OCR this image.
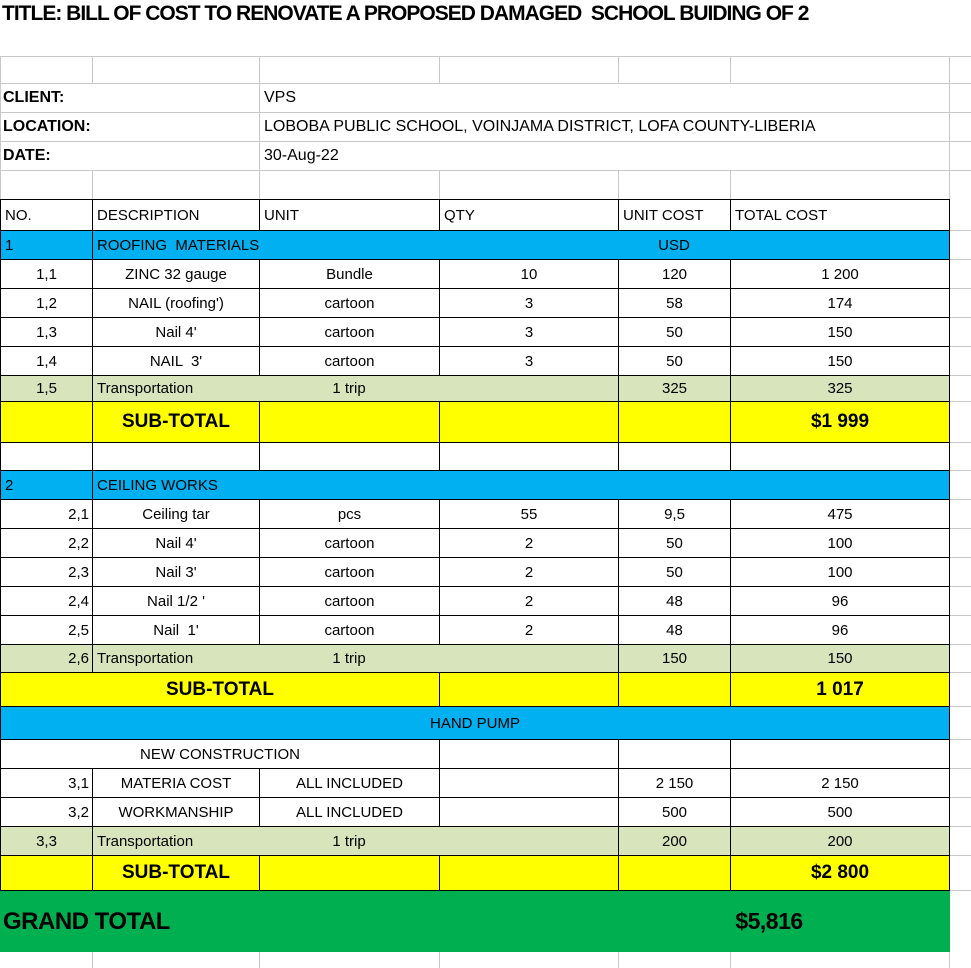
TITLE: BILL OF COST TO RENOVATE A PROPOSED DAMAGED  SCHOOL BUIDING OF 2
CLIENT:	VPS
LOCATION:	LOBOBA PUBLIC SCHOOL, VOINJAMA DISTRICT, LOFA COUNTY-LIBERIA
DATE:	30-Aug-22
NO.	DESCRIPTION	UNIT	QTY	UNIT COST	TOTAL COST
1	ROOFING  MATERIALS	USD
1,1	ZINC 32 gauge	Bundle	10	120	1 200
1,2	NAIL (roofing')	cartoon	3	58	174
1,3	Nail 4'	cartoon	3	50	150
1,4	NAIL  3'	cartoon	3	50	150
1,5	Transportation	1 trip	325	325
SUB-TOTAL	$1 999
2	CEILING WORKS
2,1	Ceiling tar	pcs	55	9,5	475
2,2	Nail 4'	cartoon	2	50	100
2,3	Nail 3'	cartoon	2	50	100
2,4	Nail 1/2 '	cartoon	2	48	96
2,5	Nail  1'	cartoon	2	48	96
2,6 Transportation	1 trip	150	150
SUB-TOTAL	1 017
HAND PUMP
NEW CONSTRUCTION
3,1	MATERIA COST	ALL INCLUDED	2 150	2 150
3,2	WORKMANSHIP	ALL INCLUDED	500	500
3,3	Transportation	1 trip	200	200
SUB-TOTAL	$2 800
GRAND TOTAL	$5,816
